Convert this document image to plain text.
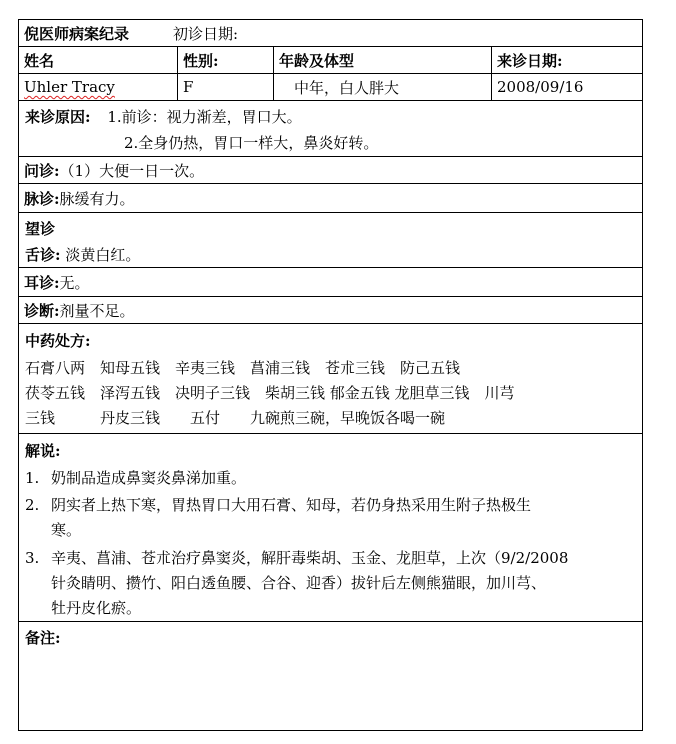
倪医师病案纪录	初诊日期:
姓名	性别:	年龄及体型	来诊日期:
Uhler Tracy	F	中年，白人胖大	2008/09/16
来诊原因: 1.前诊：视力渐差，胃口大。
2.全身仍热，胃口一样大，鼻炎好转。
问诊: （1）大便一日一次。
脉诊: 脉缓有力。
望诊
舌诊: 淡黄白红。
耳诊: 无。
诊断: 剂量不足。
中药处方:
石膏八两　知母五钱　辛夷三钱　菖浦三钱　苍朮三钱　防己五钱
茯苓五钱　泽泻五钱　决明子三钱　柴胡三钱 郁金五钱 龙胆草三钱　川芎
三钱　　　丹皮三钱　　五付　　九碗煎三碗，早晚饭各喝一碗
解说:
1. 奶制品造成鼻窦炎鼻涕加重。
2. 阴实者上热下寒，胃热胃口大用石膏、知母，若仍身热采用生附子热极生
寒。
3. 辛夷、菖浦、苍朮治疗鼻窦炎，解肝毒柴胡、玉金、龙胆草，上次（9/2/2008
针灸睛明、攒竹、阳白透鱼腰、合谷、迎香）拔针后左侧熊猫眼，加川芎、
牡丹皮化瘀。
备注:
